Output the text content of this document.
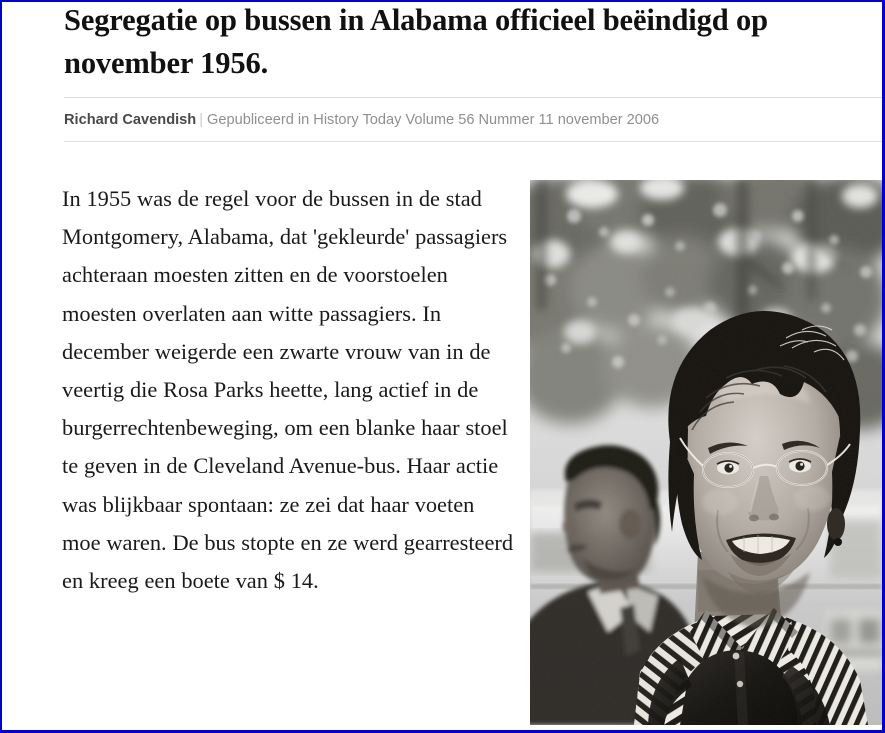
Segregatie op bussen in Alabama officieel beëindigd op
november 1956.
Richard Cavendish | Gepubliceerd in History Today Volume 56 Nummer 11 november 2006
In 1955 was de regel voor de bussen in de stad Montgomery, Alabama, dat 'gekleurde' passagiers achteraan moesten zitten en de voorstoelen moesten overlaten aan witte passagiers. In december weigerde een zwarte vrouw van in de veertig die Rosa Parks heette, lang actief in de burgerrechtenbeweging, om een blanke haar stoel te geven in de Cleveland Avenue-bus. Haar actie was blijkbaar spontaan: ze zei dat haar voeten moe waren. De bus stopte en ze werd gearresteerd en kreeg een boete van $ 14.
